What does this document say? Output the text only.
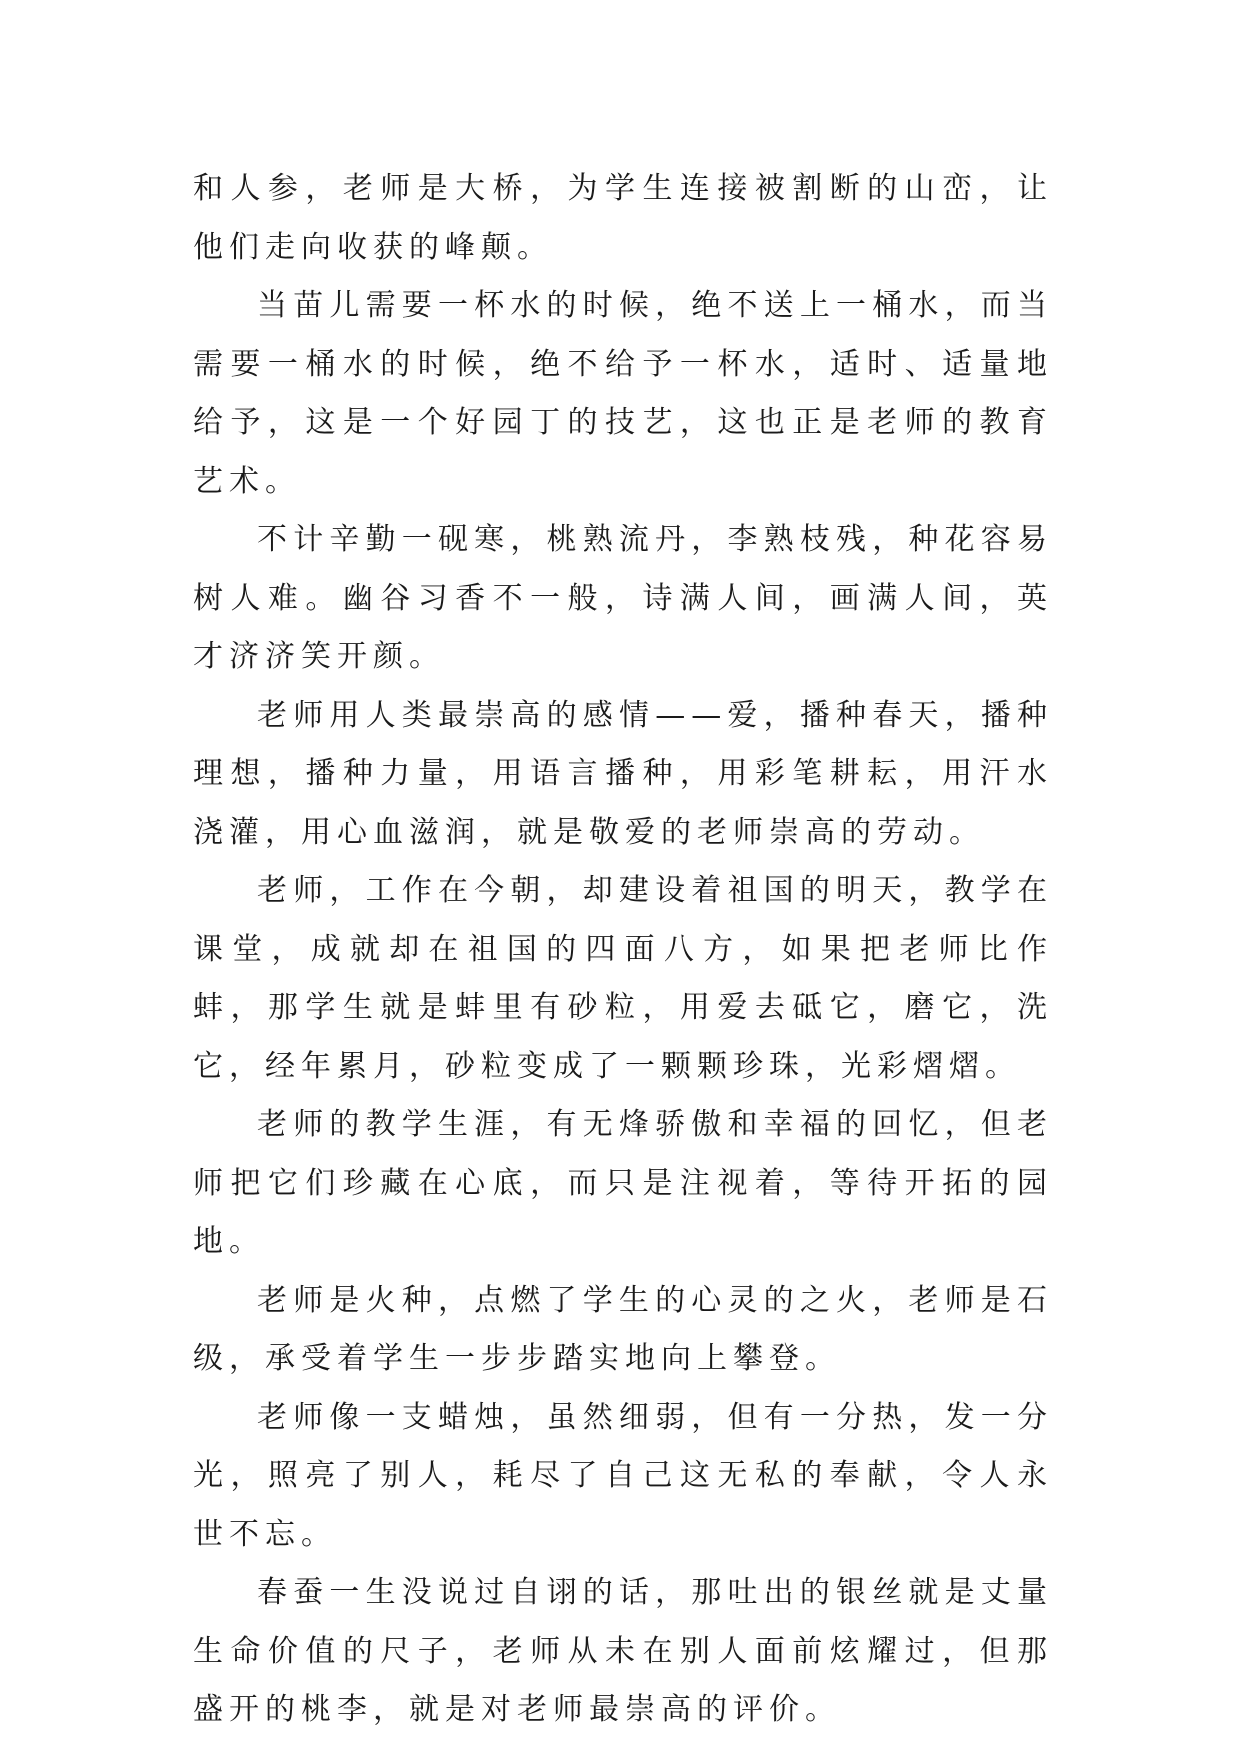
和人参，老师是大桥，为学生连接被割断的山峦，让他们走向收获的峰颠。

当苗儿需要一杯水的时候，绝不送上一桶水，而当需要一桶水的时候，绝不给予一杯水，适时、适量地给予，这是一个好园丁的技艺，这也正是老师的教育艺术。

不计辛勤一砚寒，桃熟流丹，李熟枝残，种花容易树人难。幽谷习香不一般，诗满人间，画满人间，英才济济笑开颜。

老师用人类最崇高的感情——爱，播种春天，播种理想，播种力量，用语言播种，用彩笔耕耘，用汗水浇灌，用心血滋润，就是敬爱的老师崇高的劳动。

老师，工作在今朝，却建设着祖国的明天，教学在课堂，成就却在祖国的四面八方，如果把老师比作蚌，那学生就是蚌里有砂粒，用爱去砥它，磨它，洗它，经年累月，砂粒变成了一颗颗珍珠，光彩熠熠。

老师的教学生涯，有无烽骄傲和幸福的回忆，但老师把它们珍藏在心底，而只是注视着，等待开拓的园地。

老师是火种，点燃了学生的心灵的之火，老师是石级，承受着学生一步步踏实地向上攀登。

老师像一支蜡烛，虽然细弱，但有一分热，发一分光，照亮了别人，耗尽了自己这无私的奉献，令人永世不忘。

春蚕一生没说过自诩的话，那吐出的银丝就是丈量生命价值的尺子，老师从未在别人面前炫耀过，但那盛开的桃李，就是对老师最崇高的评价。
